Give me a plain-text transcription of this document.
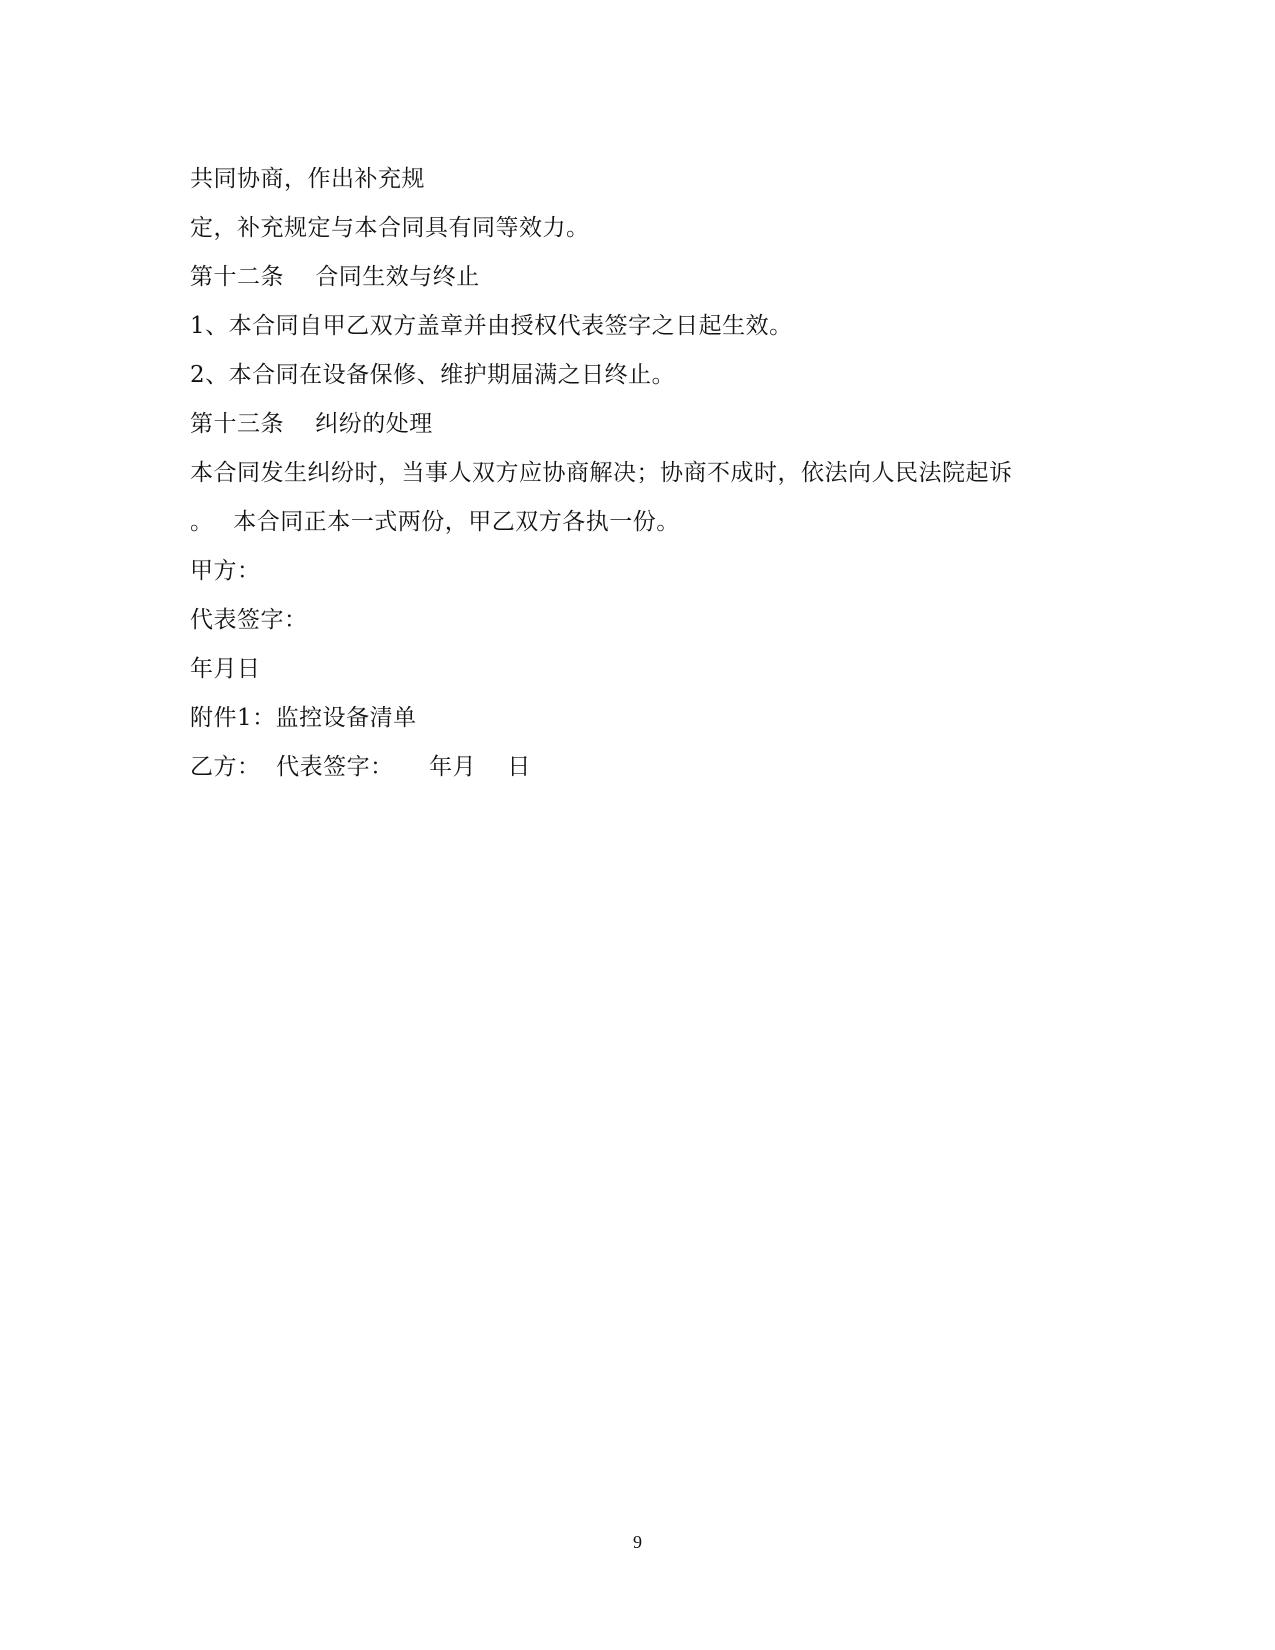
共同协商，作出补充规
定，补充规定与本合同具有同等效力。
第十二条　 合同生效与终止
1、本合同自甲乙双方盖章并由授权代表签字之日起生效。
2、本合同在设备保修、维护期届满之日终止。
第十三条　 纠纷的处理
本合同发生纠纷时，当事人双方应协商解决；协商不成时，依法向人民法院起诉
。　 本合同正本一式两份，甲乙双方各执一份。
甲方：
代表签字：
年月日
附件1：监控设备清单
乙方：  代表签字：　　年月　 日
9
